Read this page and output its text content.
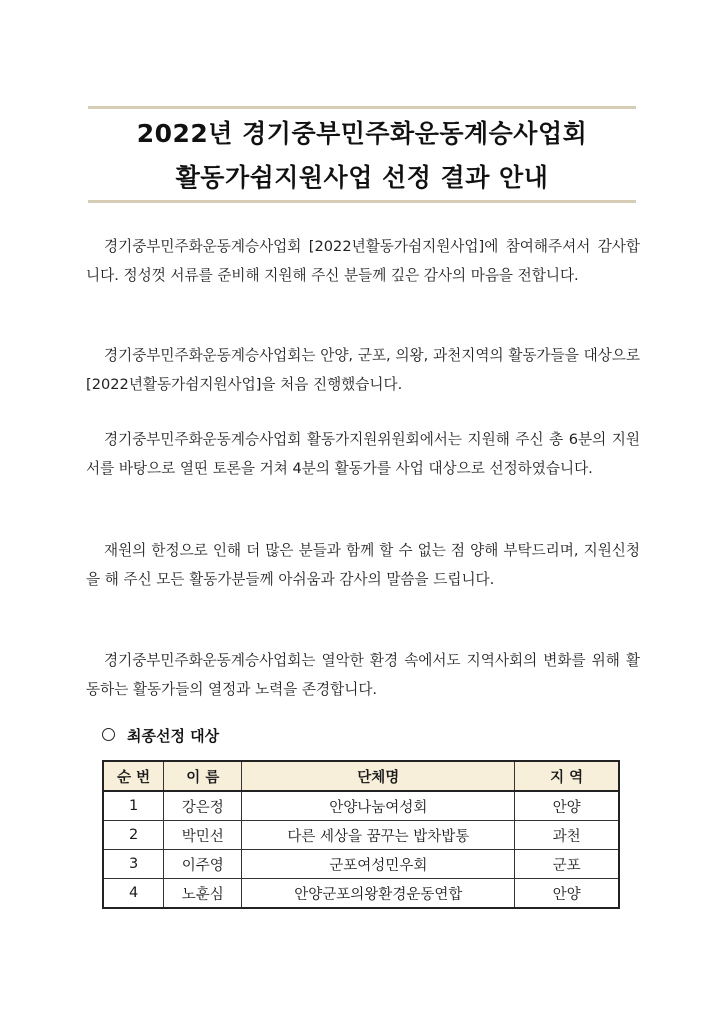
2022년 경기중부민주화운동계승사업회
활동가쉼지원사업 선정 결과 안내

경기중부민주화운동계승사업회 [2022년활동가쉼지원사업]에 참여해주셔서 감사합니다. 정성껏 서류를 준비해 지원해 주신 분들께 깊은 감사의 마음을 전합니다.

경기중부민주화운동계승사업회는 안양, 군포, 의왕, 과천지역의 활동가들을 대상으로 [2022년활동가쉼지원사업]을 처음 진행했습니다.

경기중부민주화운동계승사업회 활동가지원위원회에서는 지원해 주신 총 6분의 지원서를 바탕으로 열띤 토론을 거쳐 4분의 활동가를 사업 대상으로 선정하였습니다.

재원의 한정으로 인해 더 많은 분들과 함께 할 수 없는 점 양해 부탁드리며, 지원신청을 해 주신 모든 활동가분들께 아쉬움과 감사의 말씀을 드립니다.

경기중부민주화운동계승사업회는 열악한 환경 속에서도 지역사회의 변화를 위해 활동하는 활동가들의 열정과 노력을 존경합니다.

최종선정 대상
순 번	이 름	단체명	지 역
1	강은정	안양나눔여성회	안양
2	박민선	다른 세상을 꿈꾸는 밥차밥통	과천
3	이주영	군포여성민우회	군포
4	노훈심	안양군포의왕환경운동연합	안양
